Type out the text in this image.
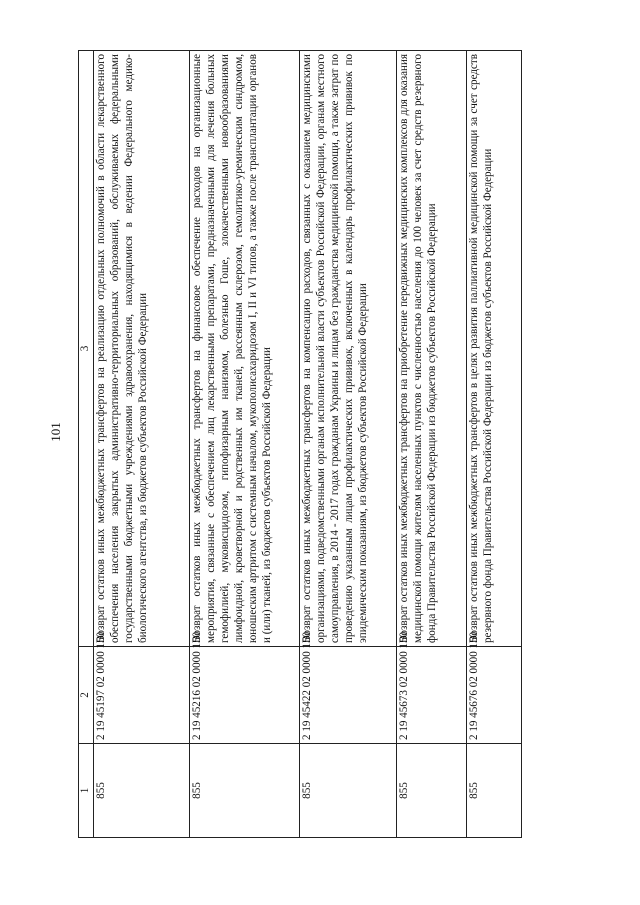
101
1	2	3
855	2 19 45197 02 0000 150	Возврат остатков иных межбюджетных трансфертов на реализацию отдельных полномочий в области лекарственного обеспечения населения закрытых административно-территориальных образований, обслуживаемых федеральными государственными бюджетными учреждениями здравоохранения, находящимися в ведении Федерального медико-биологического агентства, из бюджетов субъектов Российской Федерации
855	2 19 45216 02 0000 150	Возврат остатков иных межбюджетных трансфертов на финансовое обеспечение расходов на организационные мероприятия, связанные с обеспечением лиц лекарственными препаратами, предназначенными для лечения больных гемофилией, муковисцидозом, гипофизарным нанизмом, болезнью Гоше, злокачественными новообразованиями лимфоидной, кроветворной и родственных им тканей, рассеянным склерозом, гемолитико-уремическим синдромом, юношеским артритом с системным началом, мукополисахаридозом I, II и VI типов, а также после трансплантации органов и (или) тканей, из бюджетов субъектов Российской Федерации
855	2 19 45422 02 0000 150	Возврат остатков иных межбюджетных трансфертов на компенсацию расходов, связанных с оказанием медицинскими организациями, подведомственными органам исполнительной власти субъектов Российской Федерации, органам местного самоуправления, в 2014 - 2017 годах гражданам Украины и лицам без гражданства медицинской помощи, а также затрат по проведению указанным лицам профилактических прививок, включенных в календарь профилактических прививок по эпидемическим показаниям, из бюджетов субъектов Российской Федерации
855	2 19 45673 02 0000 150	Возврат остатков иных межбюджетных трансфертов на приобретение передвижных медицинских комплексов для оказания медицинской помощи жителям населенных пунктов с численностью населения до 100 человек за счет средств резервного фонда Правительства Российской Федерации из бюджетов субъектов Российской Федерации
855	2 19 45676 02 0000 150	Возврат остатков иных межбюджетных трансфертов в целях развития паллиативной медицинской помощи за счет средств резервного фонда Правительства Российской Федерации из бюджетов субъектов Российской Федерации
